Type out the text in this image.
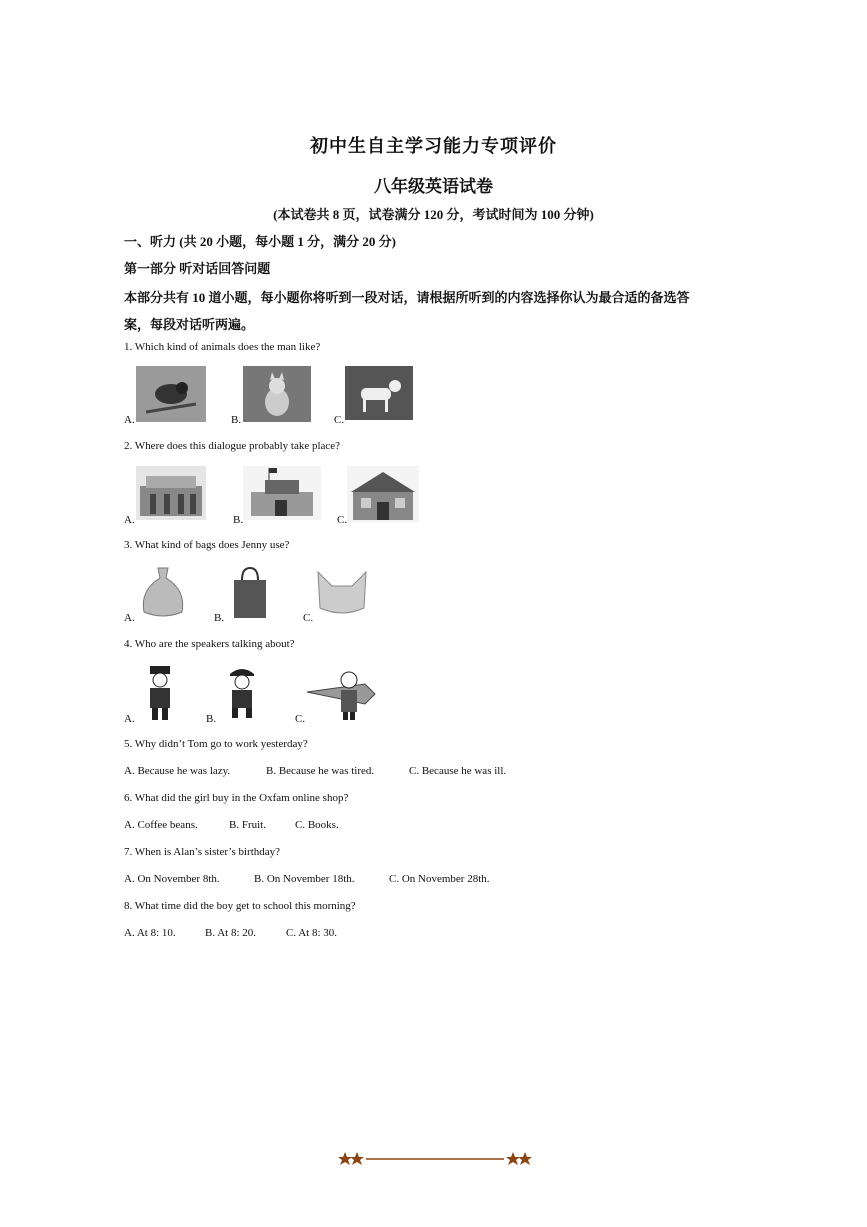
初中生自主学习能力专项评价
八年级英语试卷
(本试卷共 8 页，试卷满分 120 分，考试时间为 100 分钟)
一、听力 (共 20 小题，每小题 1 分，满分 20 分)
第一部分 听对话回答问题
本部分共有 10 道小题，每小题你将听到一段对话，请根据所听到的内容选择你认为最合适的备选答案，每段对话听两遍。
1. Which kind of animals does the man like?
A.	B.	C.
2. Where does this dialogue probably take place?
A.	B.	C.
3. What kind of bags does Jenny use?
A.	B.	C.
4. Who are the speakers talking about?
A.	B.	C.
5. Why didn’t Tom go to work yesterday?
A. Because he was lazy.	B. Because he was tired.	C. Because he was ill.
6. What did the girl buy in the Oxfam online shop?
A. Coffee beans.	B. Fruit.	C. Books.
7. When is Alan’s sister’s birthday?
A. On November 8th.	B. On November 18th.	C. On November 28th.
8. What time did the boy get to school this morning?
A. At 8: 10.	B. At 8: 20.	C. At 8: 30.
